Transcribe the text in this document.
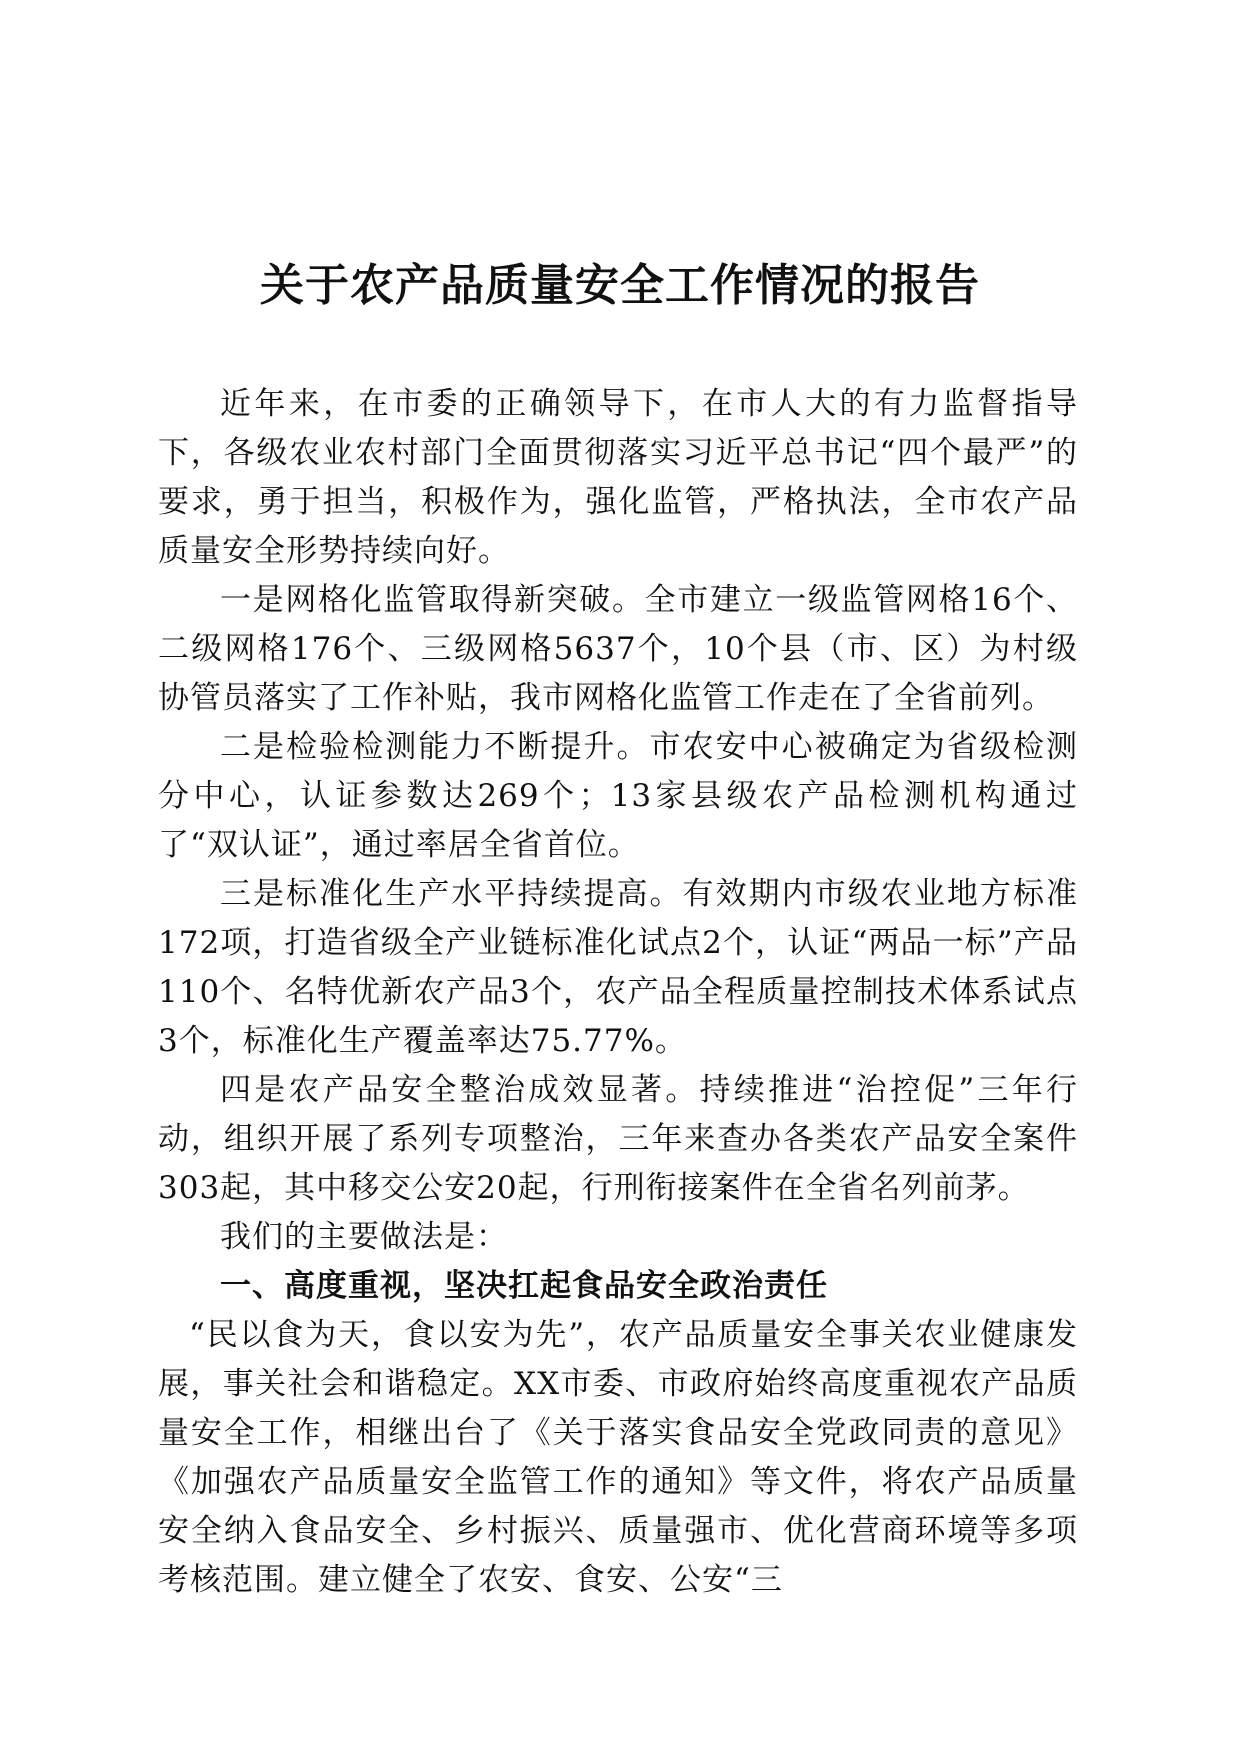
关于农产品质量安全工作情况的报告

近年来，在市委的正确领导下，在市人大的有力监督指导下，各级农业农村部门全面贯彻落实习近平总书记“四个最严”的要求，勇于担当，积极作为，强化监管，严格执法，全市农产品质量安全形势持续向好。

一是网格化监管取得新突破。全市建立一级监管网格16个、二级网格176个、三级网格5637个，10个县（市、区）为村级协管员落实了工作补贴，我市网格化监管工作走在了全省前列。

二是检验检测能力不断提升。市农安中心被确定为省级检测分中心，认证参数达269个；13家县级农产品检测机构通过了“双认证”，通过率居全省首位。

三是标准化生产水平持续提高。有效期内市级农业地方标准172项，打造省级全产业链标准化试点2个，认证“两品一标”产品110个、名特优新农产品3个，农产品全程质量控制技术体系试点3个，标准化生产覆盖率达75.77%。

四是农产品安全整治成效显著。持续推进“治控促”三年行动，组织开展了系列专项整治，三年来查办各类农产品安全案件303起，其中移交公安20起，行刑衔接案件在全省名列前茅。

我们的主要做法是：

一、高度重视，坚决扛起食品安全政治责任

“民以食为天，食以安为先”，农产品质量安全事关农业健康发展，事关社会和谐稳定。XX市委、市政府始终高度重视农产品质量安全工作，相继出台了《关于落实食品安全党政同责的意见》《加强农产品质量安全监管工作的通知》等文件，将农产品质量安全纳入食品安全、乡村振兴、质量强市、优化营商环境等多项考核范围。建立健全了农安、食安、公安“三
